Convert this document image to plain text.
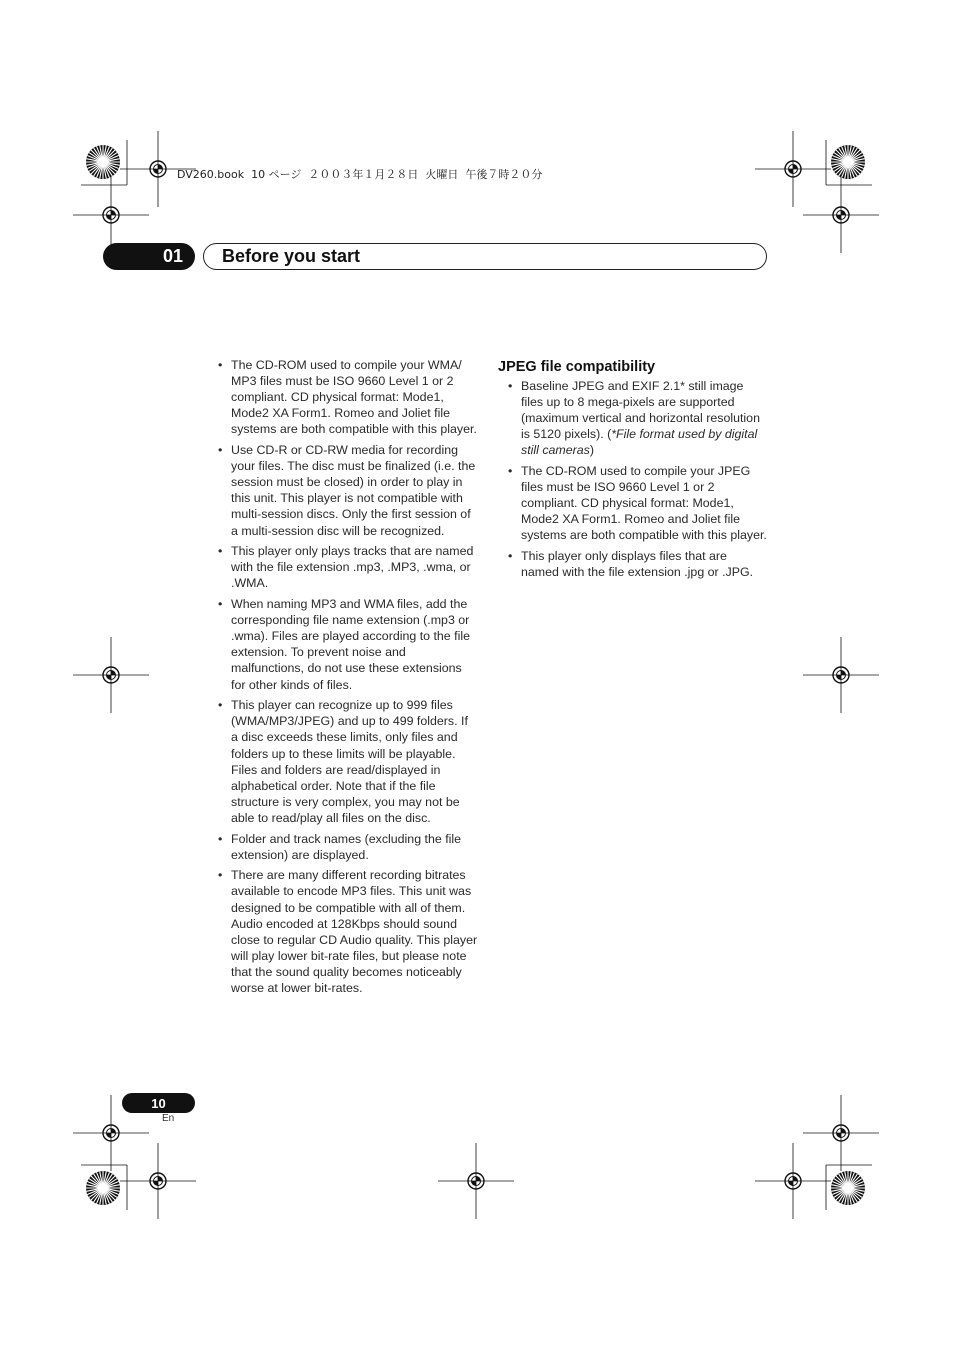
DV260.book  10 ページ  ２００３年１月２８日  火曜日  午後７時２０分
01 Before you start
• The CD-ROM used to compile your WMA/ MP3 files must be ISO 9660 Level 1 or 2 compliant. CD physical format: Mode1, Mode2 XA Form1. Romeo and Joliet file systems are both compatible with this player.
• Use CD-R or CD-RW media for recording your files. The disc must be finalized (i.e. the session must be closed) in order to play in this unit. This player is not compatible with multi-session discs. Only the first session of a multi-session disc will be recognized.
• This player only plays tracks that are named with the file extension .mp3, .MP3, .wma, or .WMA.
• When naming MP3 and WMA files, add the corresponding file name extension (.mp3 or .wma). Files are played according to the file extension. To prevent noise and malfunctions, do not use these extensions for other kinds of files.
• This player can recognize up to 999 files (WMA/MP3/JPEG) and up to 499 folders. If a disc exceeds these limits, only files and folders up to these limits will be playable. Files and folders are read/displayed in alphabetical order. Note that if the file structure is very complex, you may not be able to read/play all files on the disc.
• Folder and track names (excluding the file extension) are displayed.
• There are many different recording bitrates available to encode MP3 files. This unit was designed to be compatible with all of them. Audio encoded at 128Kbps should sound close to regular CD Audio quality. This player will play lower bit-rate files, but please note that the sound quality becomes noticeably worse at lower bit-rates.
JPEG file compatibility
• Baseline JPEG and EXIF 2.1* still image files up to 8 mega-pixels are supported (maximum vertical and horizontal resolution is 5120 pixels). (*File format used by digital still cameras)
• The CD-ROM used to compile your JPEG files must be ISO 9660 Level 1 or 2 compliant. CD physical format: Mode1, Mode2 XA Form1. Romeo and Joliet file systems are both compatible with this player.
• This player only displays files that are named with the file extension .jpg or .JPG.
10
En
